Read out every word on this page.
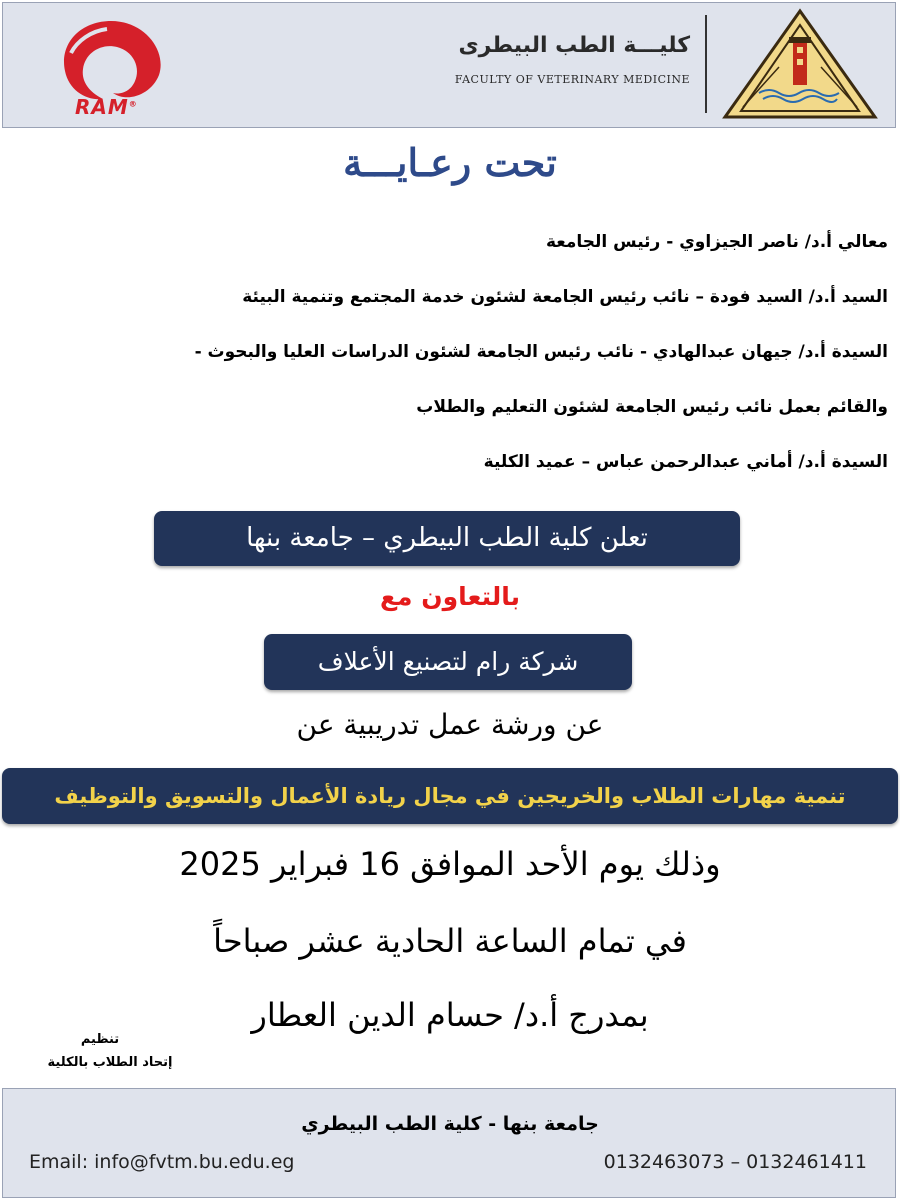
RAM®
كليـــة الطب البيطرى
FACULTY OF VETERINARY MEDICINE
تحت رعـايـــة
معالي أ.د/ ناصر الجيزاوي - رئيس الجامعة
السيد أ.د/ السيد فودة – نائب رئيس الجامعة لشئون خدمة المجتمع وتنمية البيئة
السيدة أ.د/ جيهان عبدالهادي - نائب رئيس الجامعة لشئون الدراسات العليا والبحوث -
والقائم بعمل نائب رئيس الجامعة لشئون التعليم والطلاب
السيدة أ.د/ أماني عبدالرحمن عباس – عميد الكلية
تعلن كلية الطب البيطري – جامعة بنها
بالتعاون مع
شركة رام لتصنيع الأعلاف
عن ورشة عمل تدريبية عن
تنمية مهارات الطلاب والخريجين في مجال ريادة الأعمال والتسويق والتوظيف
وذلك يوم الأحد الموافق 16 فبراير 2025
في تمام الساعة الحادية عشر صباحاً
بمدرج أ.د/ حسام الدين العطار
تنظيم
إتحاد الطلاب بالكلية
جامعة بنها - كلية الطب البيطري
Email: info@fvtm.bu.edu.eg	0132463073 – 0132461411
